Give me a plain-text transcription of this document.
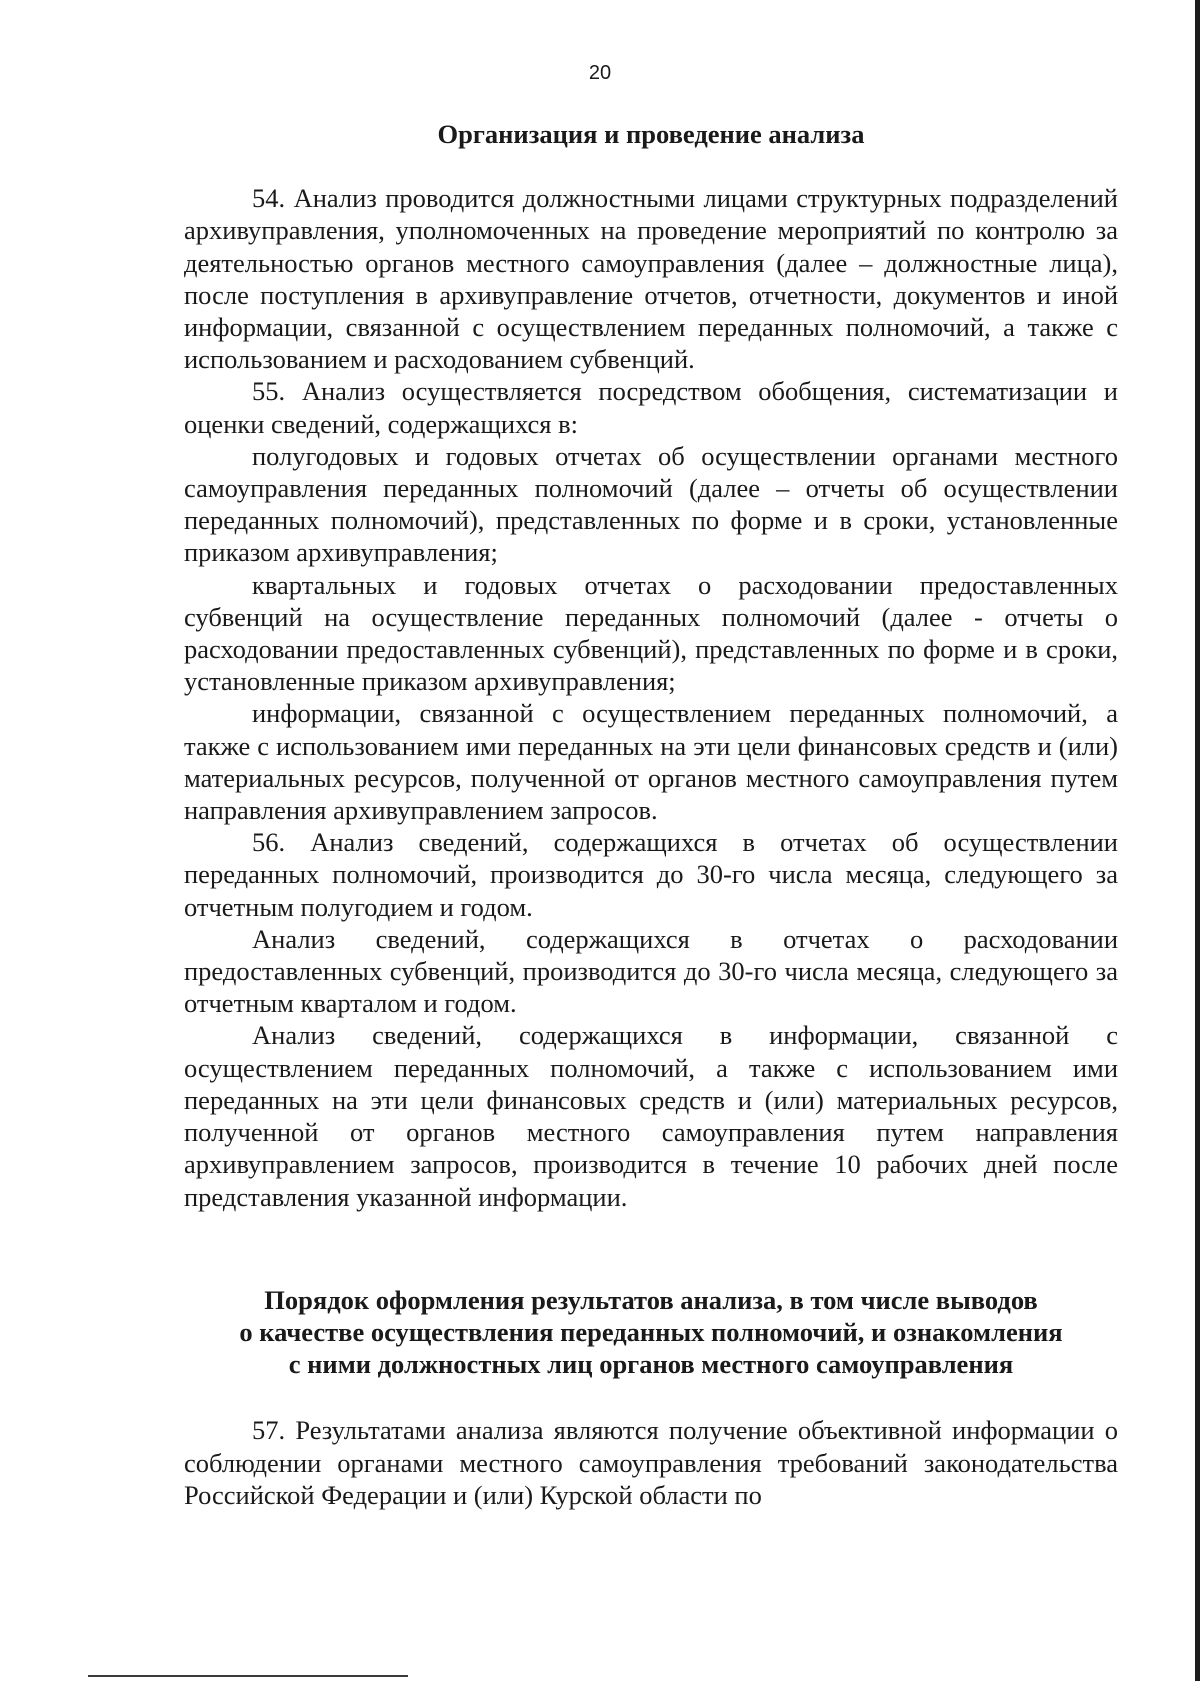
20

Организация и проведение анализа

54. Анализ проводится должностными лицами структурных подразделений архивуправления, уполномоченных на проведение мероприятий по контролю за деятельностью органов местного самоуправления (далее – должностные лица), после поступления в архивуправление отчетов, отчетности, документов и иной информации, связанной с осуществлением переданных полномочий, а также с использованием и расходованием субвенций.

55. Анализ осуществляется посредством обобщения, систематизации и оценки сведений, содержащихся в:

полугодовых и годовых отчетах об осуществлении органами местного самоуправления переданных полномочий (далее – отчеты об осуществлении переданных полномочий), представленных по форме и в сроки, установленные приказом архивуправления;

квартальных и годовых отчетах о расходовании предоставленных субвенций на осуществление переданных полномочий (далее - отчеты о расходовании предоставленных субвенций), представленных по форме и в сроки, установленные приказом архивуправления;

информации, связанной с осуществлением переданных полномочий, а также с использованием ими переданных на эти цели финансовых средств и (или) материальных ресурсов, полученной от органов местного самоуправления путем направления архивуправлением запросов.

56. Анализ сведений, содержащихся в отчетах об осуществлении переданных полномочий, производится до 30-го числа месяца, следующего за отчетным полугодием и годом.

Анализ сведений, содержащихся в отчетах о расходовании предоставленных субвенций, производится до 30-го числа месяца, следующего за отчетным кварталом и годом.

Анализ сведений, содержащихся в информации, связанной с осуществлением переданных полномочий, а также с использованием ими переданных на эти цели финансовых средств и (или) материальных ресурсов, полученной от органов местного самоуправления путем направления архивуправлением запросов, производится в течение 10 рабочих дней после представления указанной информации.

Порядок оформления результатов анализа, в том числе выводов
о качестве осуществления переданных полномочий, и ознакомления
с ними должностных лиц органов местного самоуправления

57. Результатами анализа являются получение объективной информации о соблюдении органами местного самоуправления требований законодательства Российской Федерации и (или) Курской области по
